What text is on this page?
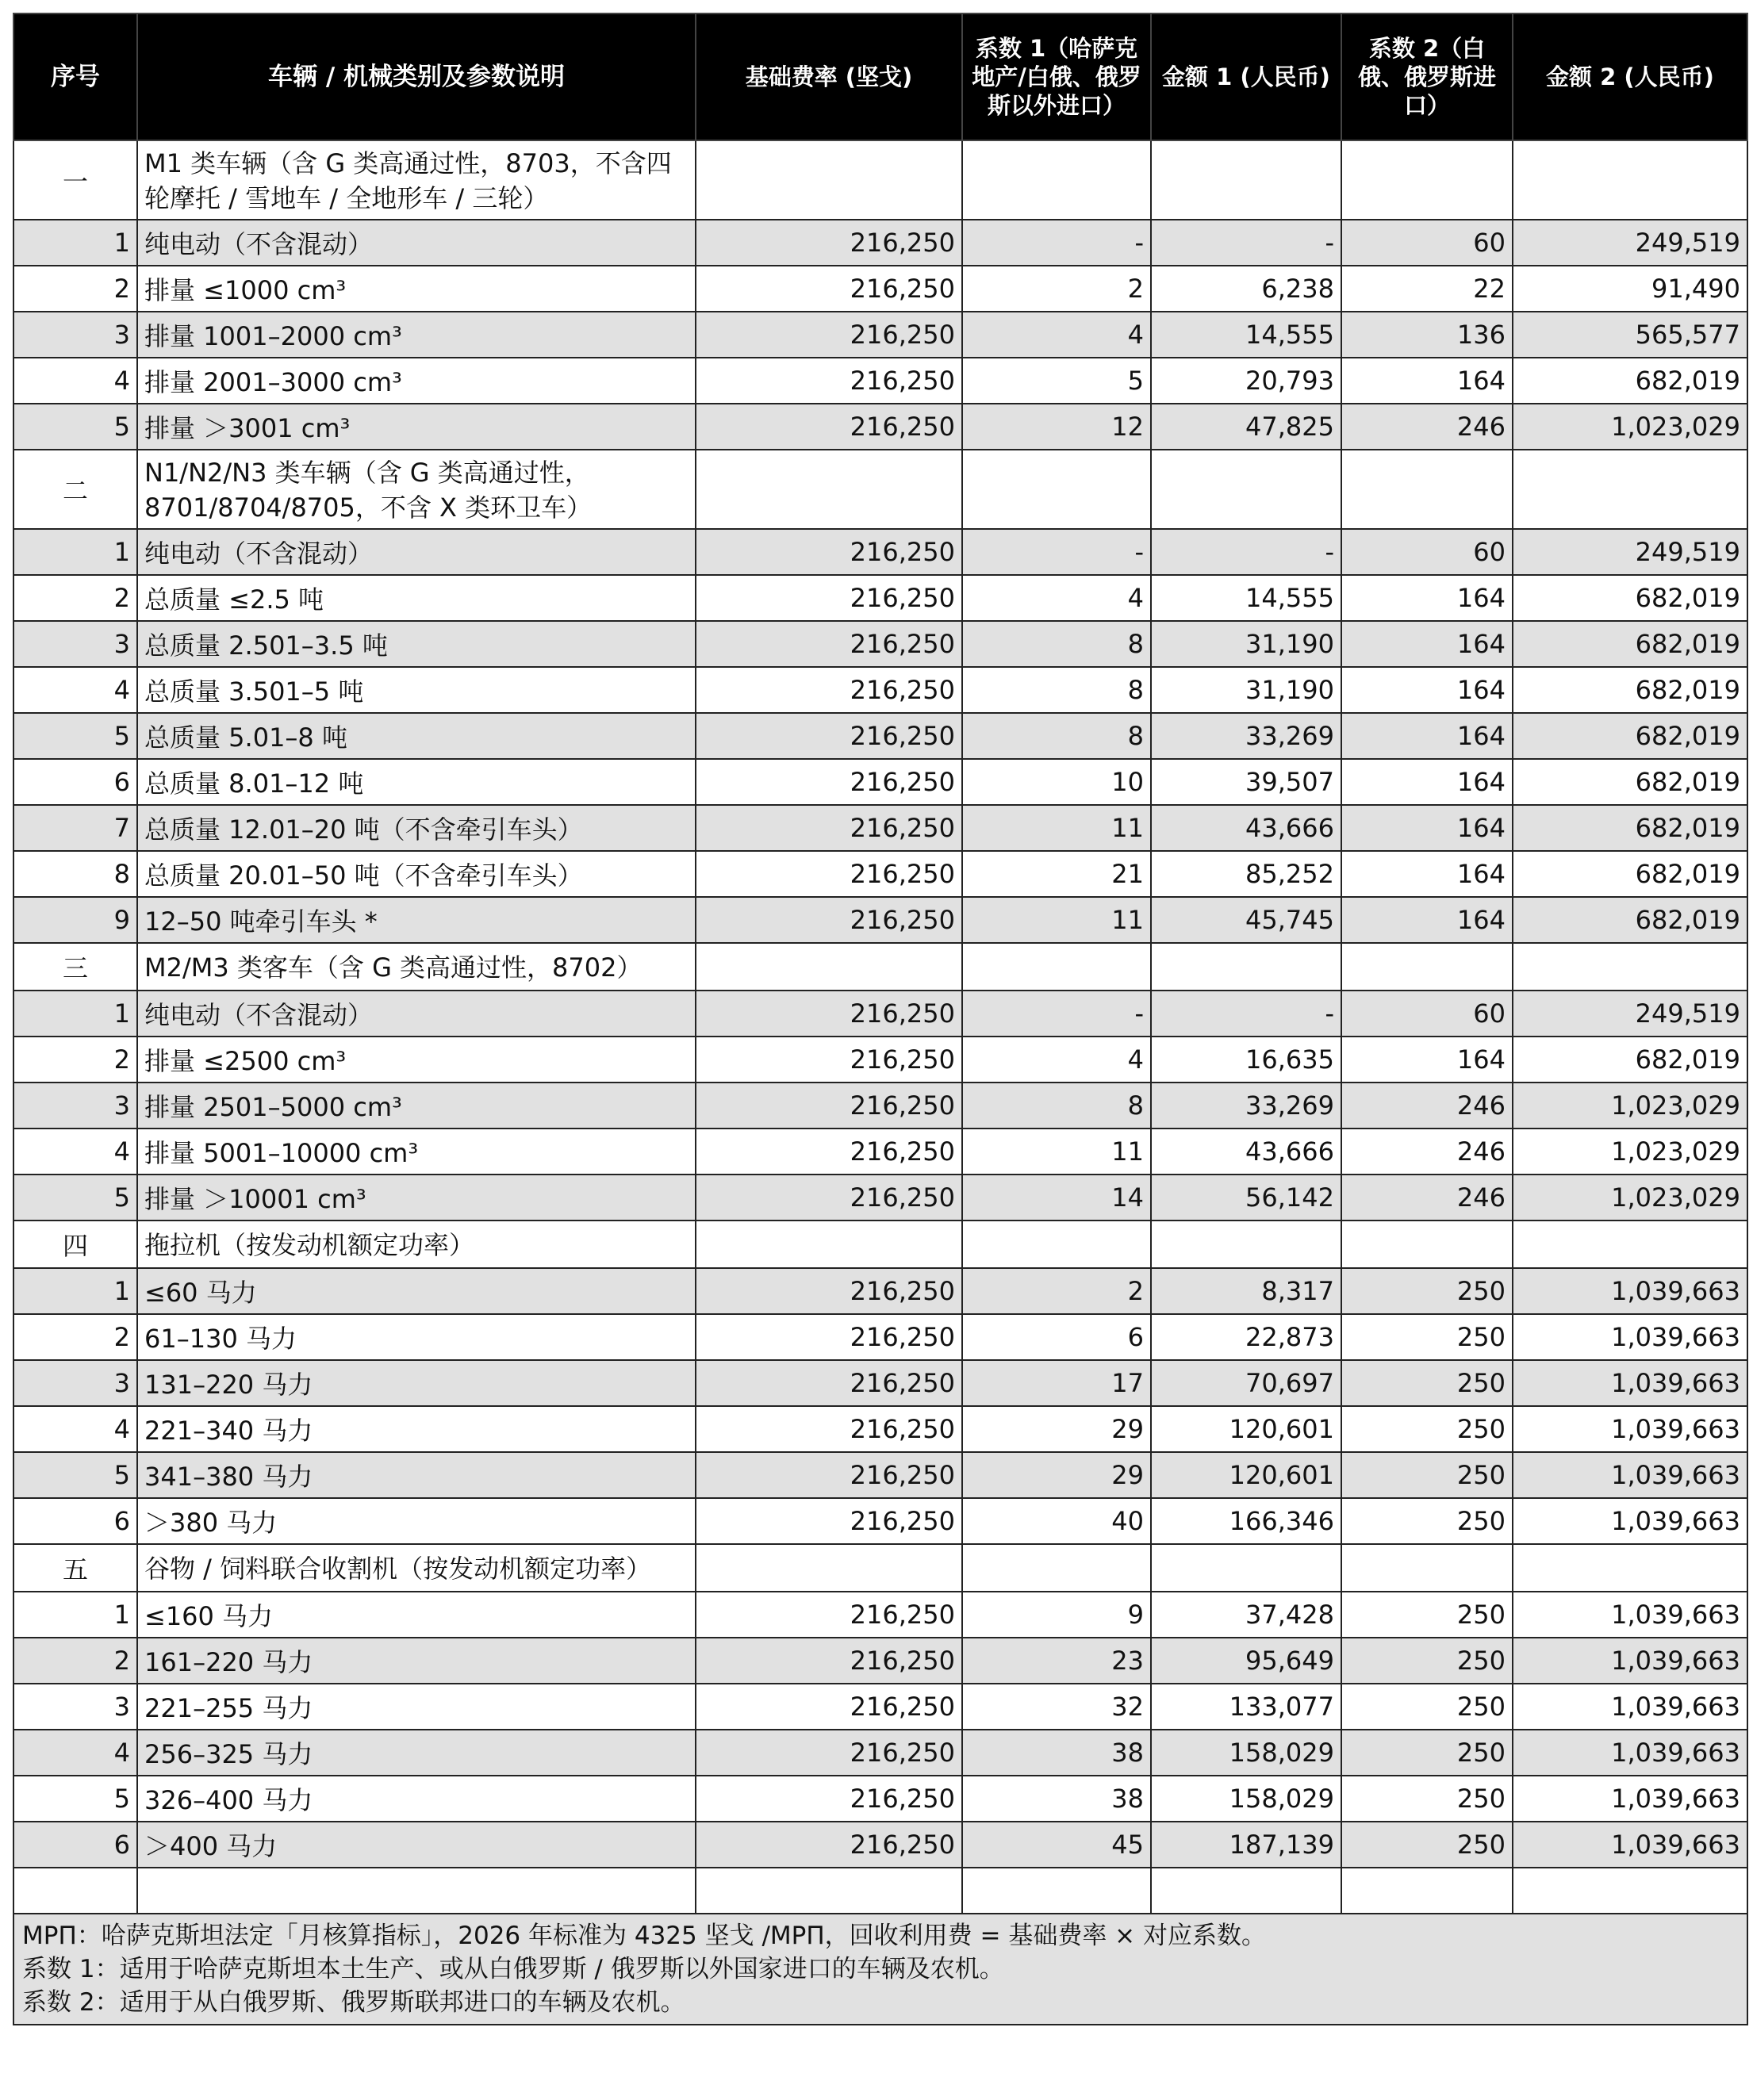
序号	车辆 / 机械类别及参数说明	基础费率 (坚戈)	系数 1（哈萨克地产/白俄、俄罗斯以外进口）	金额 1 (人民币)	系数 2（白俄、俄罗斯进口）	金额 2 (人民币)
一	M1 类车辆（含 G 类高通过性，8703，不含四轮摩托 / 雪地车 / 全地形车 / 三轮）					
1	纯电动（不含混动）	216,250	-	-	60	249,519
2	排量 ≤1000 cm³	216,250	2	6,238	22	91,490
3	排量 1001–2000 cm³	216,250	4	14,555	136	565,577
4	排量 2001–3000 cm³	216,250	5	20,793	164	682,019
5	排量 ＞3001 cm³	216,250	12	47,825	246	1,023,029
二	N1/N2/N3 类车辆（含 G 类高通过性，8701/8704/8705，不含 X 类环卫车）					
1	纯电动（不含混动）	216,250	-	-	60	249,519
2	总质量 ≤2.5 吨	216,250	4	14,555	164	682,019
3	总质量 2.501–3.5 吨	216,250	8	31,190	164	682,019
4	总质量 3.501–5 吨	216,250	8	31,190	164	682,019
5	总质量 5.01–8 吨	216,250	8	33,269	164	682,019
6	总质量 8.01–12 吨	216,250	10	39,507	164	682,019
7	总质量 12.01–20 吨（不含牵引车头）	216,250	11	43,666	164	682,019
8	总质量 20.01–50 吨（不含牵引车头）	216,250	21	85,252	164	682,019
9	12–50 吨牵引车头 *	216,250	11	45,745	164	682,019
三	M2/M3 类客车（含 G 类高通过性，8702）					
1	纯电动（不含混动）	216,250	-	-	60	249,519
2	排量 ≤2500 cm³	216,250	4	16,635	164	682,019
3	排量 2501–5000 cm³	216,250	8	33,269	246	1,023,029
4	排量 5001–10000 cm³	216,250	11	43,666	246	1,023,029
5	排量 ＞10001 cm³	216,250	14	56,142	246	1,023,029
四	拖拉机（按发动机额定功率）					
1	≤60 马力	216,250	2	8,317	250	1,039,663
2	61–130 马力	216,250	6	22,873	250	1,039,663
3	131–220 马力	216,250	17	70,697	250	1,039,663
4	221–340 马力	216,250	29	120,601	250	1,039,663
5	341–380 马力	216,250	29	120,601	250	1,039,663
6	＞380 马力	216,250	40	166,346	250	1,039,663
五	谷物 / 饲料联合收割机（按发动机额定功率）					
1	≤160 马力	216,250	9	37,428	250	1,039,663
2	161–220 马力	216,250	23	95,649	250	1,039,663
3	221–255 马力	216,250	32	133,077	250	1,039,663
4	256–325 马力	216,250	38	158,029	250	1,039,663
5	326–400 马力	216,250	38	158,029	250	1,039,663
6	＞400 马力	216,250	45	187,139	250	1,039,663

МРП：哈萨克斯坦法定「月核算指标」，2026 年标准为 4325 坚戈 /МРП，回收利用费 = 基础费率 × 对应系数。
系数 1：适用于哈萨克斯坦本土生产、或从白俄罗斯 / 俄罗斯以外国家进口的车辆及农机。
系数 2：适用于从白俄罗斯、俄罗斯联邦进口的车辆及农机。						
